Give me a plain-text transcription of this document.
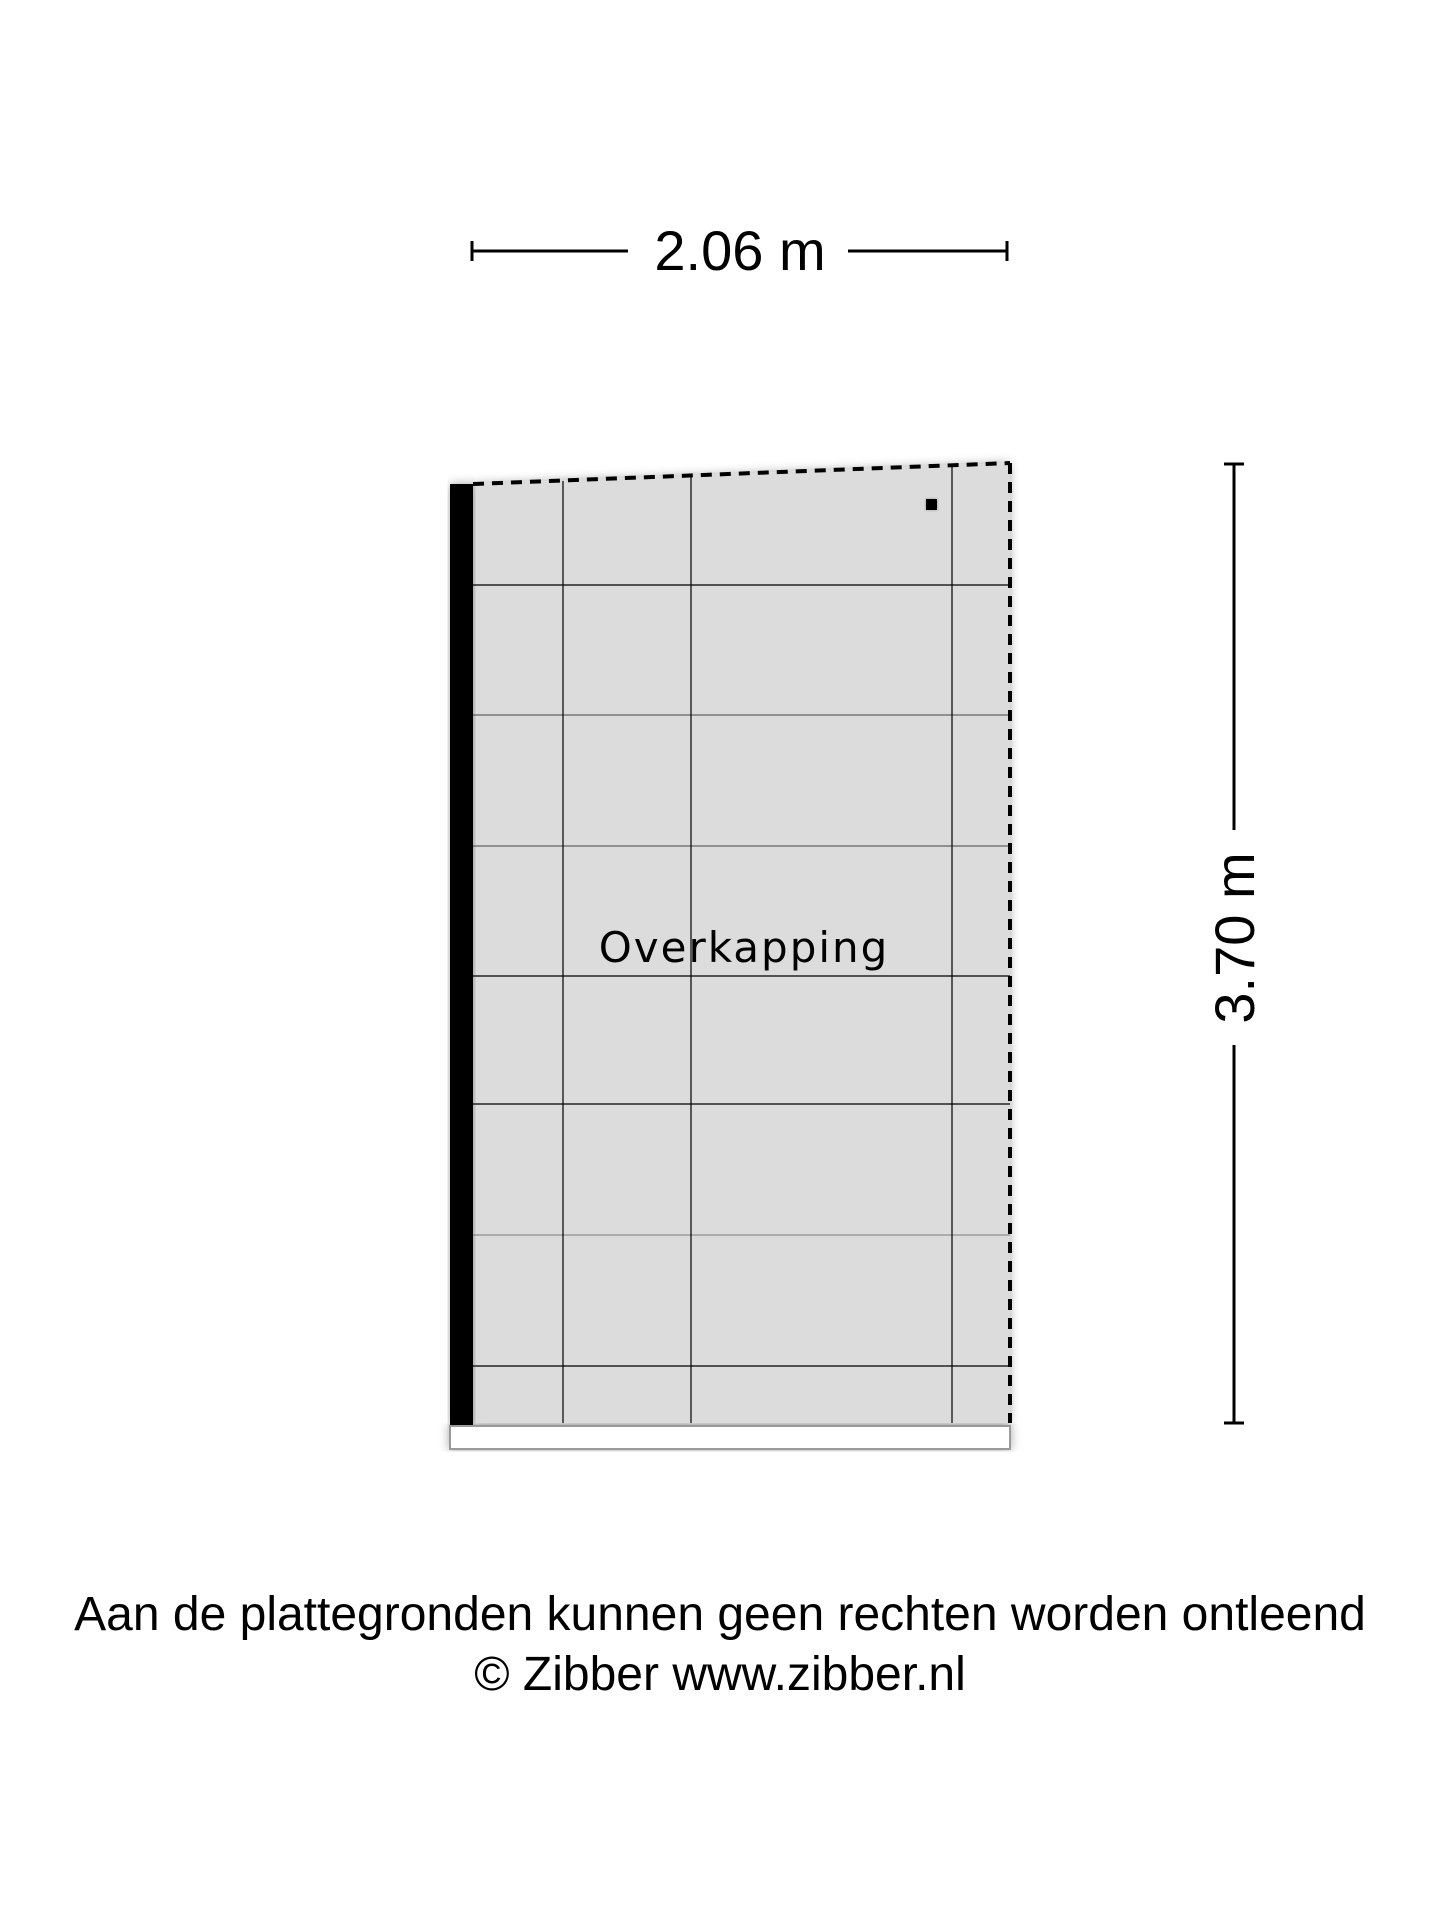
2.06 m
3.70 m
Overkapping
Aan de plattegronden kunnen geen rechten worden ontleend
© Zibber www.zibber.nl
